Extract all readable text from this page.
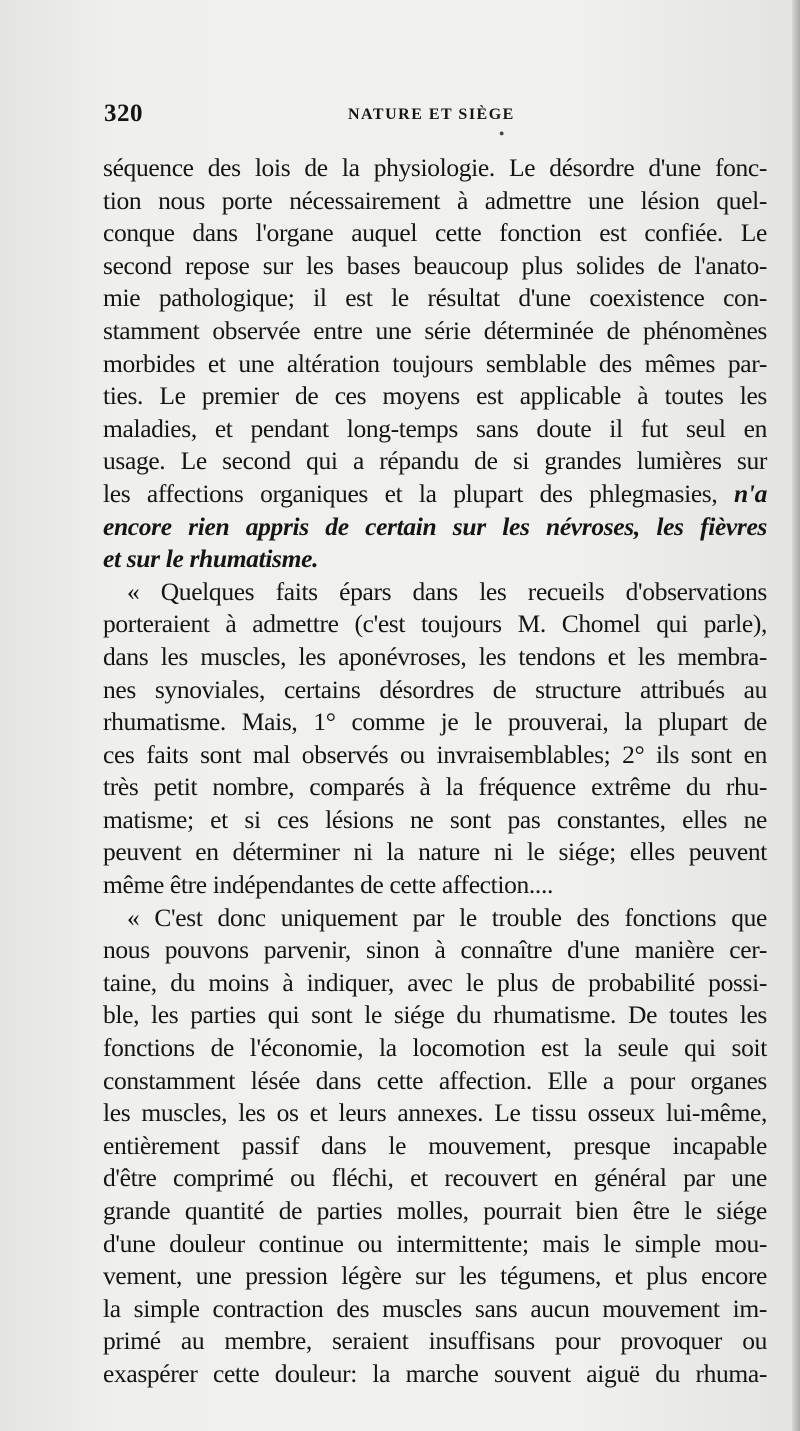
320	NATURE ET SIÈGE
●
séquence des lois de la physiologie. Le désordre d'une fonc-
tion nous porte nécessairement à admettre une lésion quel-
conque dans l'organe auquel cette fonction est confiée. Le
second repose sur les bases beaucoup plus solides de l'anato-
mie pathologique; il est le résultat d'une coexistence con-
stamment observée entre une série déterminée de phénomènes
morbides et une altération toujours semblable des mêmes par-
ties. Le premier de ces moyens est applicable à toutes les
maladies, et pendant long-temps sans doute il fut seul en
usage. Le second qui a répandu de si grandes lumières sur
les affections organiques et la plupart des phlegmasies, n'a
encore rien appris de certain sur les névroses, les fièvres
et sur le rhumatisme.
« Quelques faits épars dans les recueils d'observations
porteraient à admettre (c'est toujours M. Chomel qui parle),
dans les muscles, les aponévroses, les tendons et les membra-
nes synoviales, certains désordres de structure attribués au
rhumatisme. Mais, 1° comme je le prouverai, la plupart de
ces faits sont mal observés ou invraisemblables; 2° ils sont en
très petit nombre, comparés à la fréquence extrême du rhu-
matisme; et si ces lésions ne sont pas constantes, elles ne
peuvent en déterminer ni la nature ni le siége; elles peuvent
même être indépendantes de cette affection....
« C'est donc uniquement par le trouble des fonctions que
nous pouvons parvenir, sinon à connaître d'une manière cer-
taine, du moins à indiquer, avec le plus de probabilité possi-
ble, les parties qui sont le siége du rhumatisme. De toutes les
fonctions de l'économie, la locomotion est la seule qui soit
constamment lésée dans cette affection. Elle a pour organes
les muscles, les os et leurs annexes. Le tissu osseux lui-même,
entièrement passif dans le mouvement, presque incapable
d'être comprimé ou fléchi, et recouvert en général par une
grande quantité de parties molles, pourrait bien être le siége
d'une douleur continue ou intermittente; mais le simple mou-
vement, une pression légère sur les tégumens, et plus encore
la simple contraction des muscles sans aucun mouvement im-
primé au membre, seraient insuffisans pour provoquer ou
exaspérer cette douleur: la marche souvent aiguë du rhuma-
